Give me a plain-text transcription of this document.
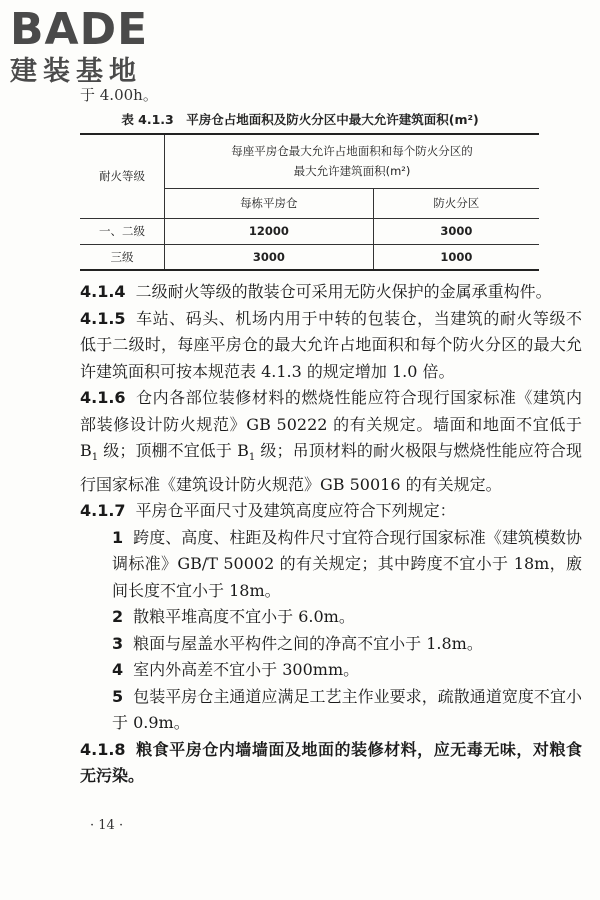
BADE
建装基地
于 4.00h。
表 4.1.3　平房仓占地面积及防火分区中最大允许建筑面积(m²)
耐火等级	每座平房仓最大允许占地面积和每个防火分区的
最大允许建筑面积(m²)	

	每栋平房仓	防火分区
一、二级	12000	3000
三级	3000	1000

4.1.4 二级耐火等级的散装仓可采用无防火保护的金属承重构件。

4.1.5 车站、码头、机场内用于中转的包装仓，当建筑的耐火等级不低于二级时，每座平房仓的最大允许占地面积和每个防火分区的最大允许建筑面积可按本规范表 4.1.3 的规定增加 1.0 倍。

4.1.6 仓内各部位装修材料的燃烧性能应符合现行国家标准《建筑内部装修设计防火规范》GB 50222 的有关规定。墙面和地面不宜低于 $B_1$ 级；顶棚不宜低于 $B_1$ 级；吊顶材料的耐火极限与燃烧性能应符合现行国家标准《建筑设计防火规范》GB 50016 的有关规定。

4.1.7 平房仓平面尺寸及建筑高度应符合下列规定：

1 跨度、高度、柱距及构件尺寸宜符合现行国家标准《建筑模数协调标准》GB/T 50002 的有关规定；其中跨度不宜小于 18m，廒间长度不宜小于 18m。

2 散粮平堆高度不宜小于 6.0m。

3 粮面与屋盖水平构件之间的净高不宜小于 1.8m。

4 室内外高差不宜小于 300mm。

5 包装平房仓主通道应满足工艺主作业要求，疏散通道宽度不宜小于 0.9m。

4.1.8 粮食平房仓内墙墙面及地面的装修材料，应无毒无味，对粮食无污染。

· 14 ·
